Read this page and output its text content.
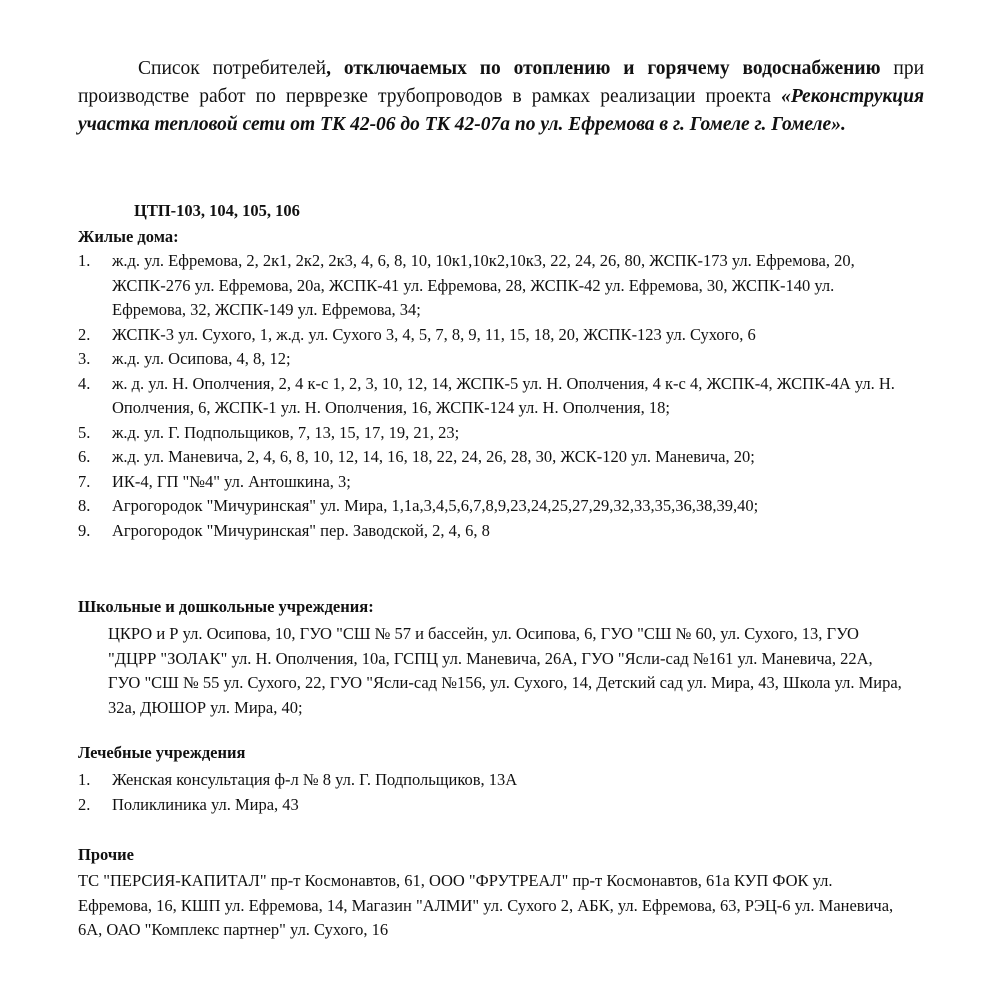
Список потребителей, отключаемых по отоплению и горячему водоснабжению при производстве работ по перврезке трубопроводов в рамках реализации проекта «Реконструкция участка тепловой сети от ТК 42-06 до ТК 42-07а по ул. Ефремова в г. Гомеле г. Гомеле».

ЦТП-103, 104, 105, 106
Жилые дома:
1. ж.д. ул. Ефремова, 2, 2к1, 2к2, 2к3, 4, 6, 8, 10, 10к1,10к2,10к3, 22, 24, 26, 80, ЖСПК-173 ул. Ефремова, 20, ЖСПК-276 ул. Ефремова, 20а, ЖСПК-41 ул. Ефремова, 28, ЖСПК-42 ул. Ефремова, 30, ЖСПК-140 ул. Ефремова, 32, ЖСПК-149 ул. Ефремова, 34;
2. ЖСПК-3 ул. Сухого, 1, ж.д. ул. Сухого 3, 4, 5, 7, 8, 9, 11, 15, 18, 20, ЖСПК-123 ул. Сухого, 6
3. ж.д. ул. Осипова, 4, 8, 12;
4. ж. д. ул. Н. Ополчения, 2, 4 к-с 1, 2, 3, 10, 12, 14, ЖСПК-5 ул. Н. Ополчения, 4 к-с 4, ЖСПК-4, ЖСПК-4А ул. Н. Ополчения, 6, ЖСПК-1 ул. Н. Ополчения, 16, ЖСПК-124 ул. Н. Ополчения, 18;
5. ж.д. ул. Г. Подпольщиков, 7, 13, 15, 17, 19, 21, 23;
6. ж.д. ул. Маневича, 2, 4, 6, 8, 10, 12, 14, 16, 18, 22, 24, 26, 28, 30, ЖСК-120 ул. Маневича, 20;
7. ИК-4, ГП "№4" ул. Антошкина, 3;
8. Агрогородок "Мичуринская" ул. Мира, 1,1а,3,4,5,6,7,8,9,23,24,25,27,29,32,33,35,36,38,39,40;
9. Агрогородок "Мичуринская" пер. Заводской, 2, 4, 6, 8
Школьные и дошкольные учреждения:
ЦКРО и Р ул. Осипова, 10, ГУО "СШ № 57 и бассейн, ул. Осипова, 6, ГУО "СШ № 60, ул. Сухого, 13, ГУО "ДЦРР "ЗОЛАК" ул. Н. Ополчения, 10а, ГСПЦ ул. Маневича, 26А, ГУО "Ясли-сад №161 ул. Маневича, 22А, ГУО "СШ № 55 ул. Сухого, 22, ГУО "Ясли-сад №156, ул. Сухого, 14, Детский сад ул. Мира, 43, Школа ул. Мира, 32а, ДЮШОР ул. Мира, 40;
Лечебные учреждения
1. Женская консультация ф-л № 8 ул. Г. Подпольщиков, 13А
2. Поликлиника ул. Мира, 43
Прочие
ТС "ПЕРСИЯ-КАПИТАЛ" пр-т Космонавтов, 61, ООО "ФРУТРЕАЛ" пр-т Космонавтов, 61а КУП ФОК ул. Ефремова, 16, КШП ул. Ефремова, 14, Магазин "АЛМИ" ул. Сухого 2, АБК, ул. Ефремова, 63, РЭЦ-6 ул. Маневича, 6А, ОАО "Комплекс партнер" ул. Сухого, 16
